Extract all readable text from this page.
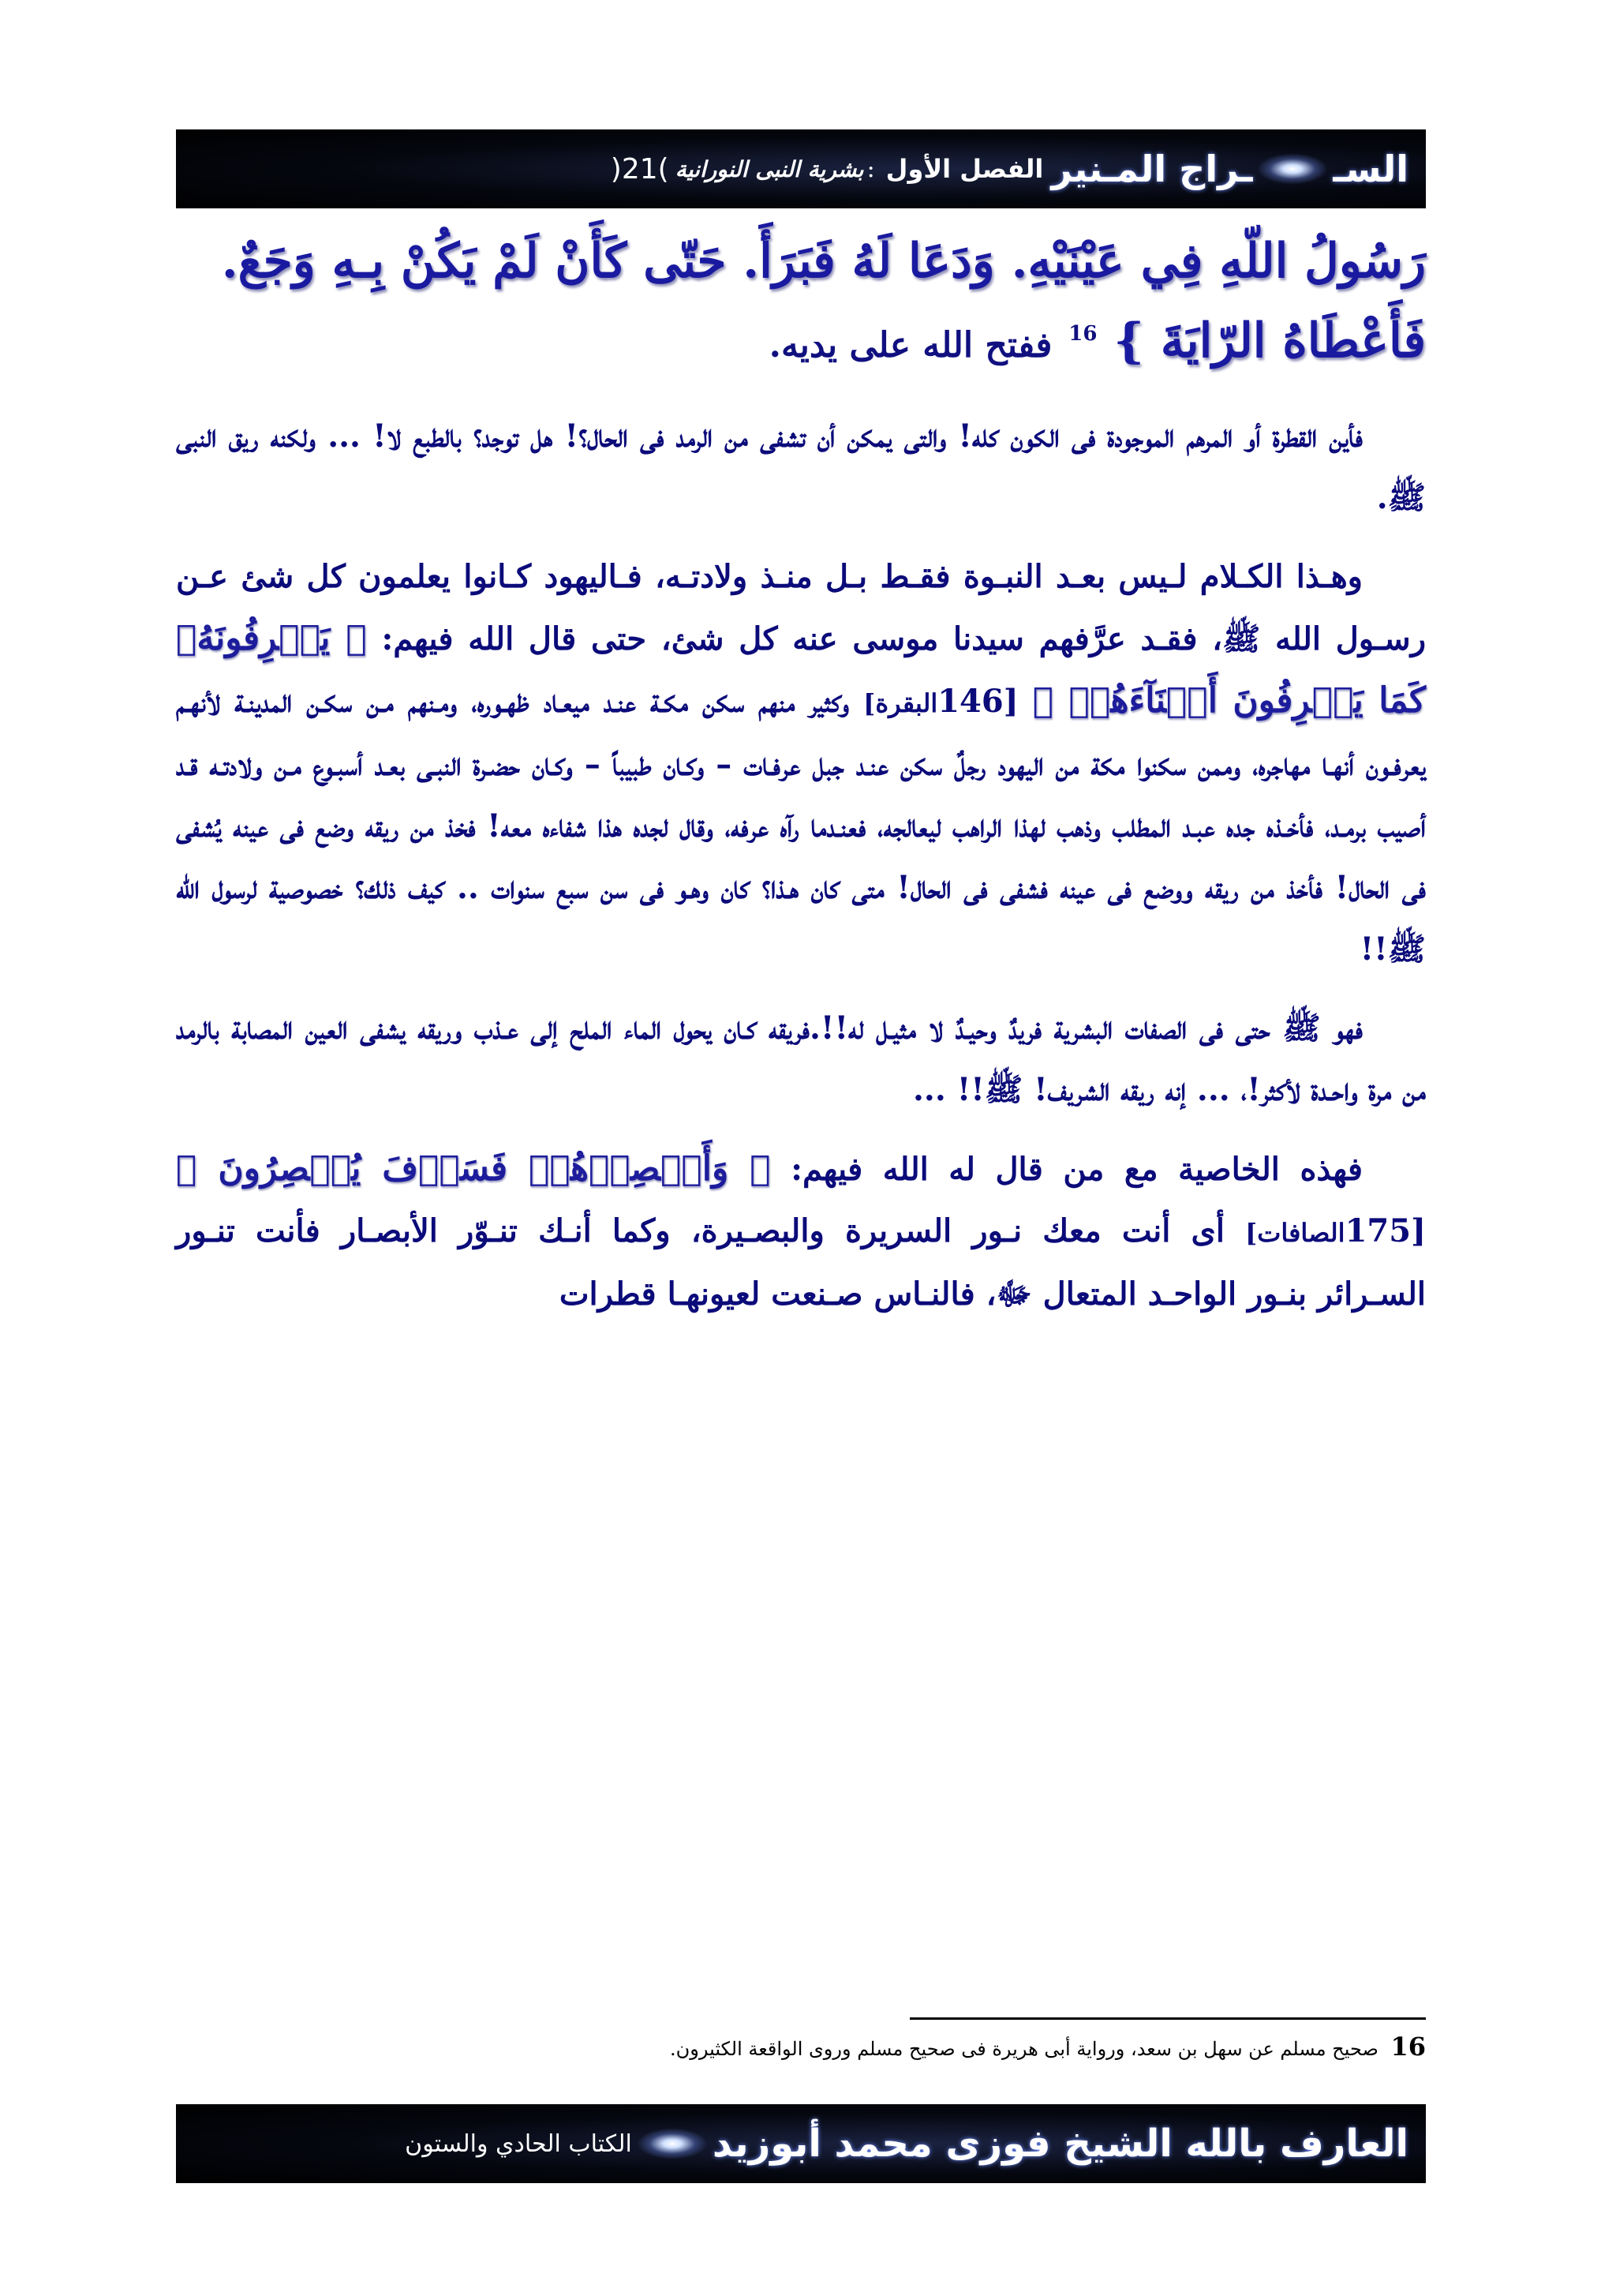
السـ
ـراج المـنير
الفصل الأول
:
بشرية النبى النورانية
)21(
رَسُولُ اللّهِ فِي عَيْنَيْهِ. وَدَعَا لَهُ فَبَرَأَ. حَتّى كَأَنْ لَمْ يَكُنْ بِـهِ وَجَعٌ.
فَأَعْطَاهُ الرّايَةَ } $^{16}$ ففتح الله على يديه.

فأين القطرة أو المرهم الموجودة فى الكون كله! والتى يمكن أن تشفى من الرمد فى الحال؟! هل توجد؟ بالطبع لا! ... ولكنه ريق النبى ﷺ.

وهـذا الكـلام لـيس بعـد النبـوة فقـط بـل منـذ ولادتـه، فـاليهود كـانوا يعلمون كل شئ عـن رسـول الله ﷺ، فقـد عرَّفهم سيدنا موسى عنه كل شئ، حتى قال الله فيهم: ﴿ يَعۡرِفُونَهُۥ كَمَا يَعۡرِفُونَ أَبۡنَآءَهُمۡ ﴾ [146البقرة] وكثير منهم سكن مكـة عنـد ميعـاد ظهـوره، ومـنهم مـن سكـن المدينـة لأنهـم يعرفـون أنهـا مهاجره، وممن سكنوا مكة من اليهود رجلٌ سكن عنـد جبل عرفـات – وكـان طبيباً – وكـان حضـرة النبـى بعـد أسبـوع مـن ولادتـه قـد أصيب برمـد، فأخـذه جده عبـد المطلب وذهب لهذا الراهب ليعالجه، فعنـدما رآه عرفه، وقال لجده هذا شفاءه معه! فخذ من ريقه وضع فى عينه يُشفى فى الحال! فأخذ من ريقه ووضع فى عينه فشفى فى الحال! متى كان هـذا؟ كان وهـو فى سن سبع سنوات .. كيف ذلك؟ خصوصية لرسول الله ﷺ!!

فهو ﷺ حتى فى الصفات البشرية فريدٌ وحيـدٌ لا مثيـل له!!.فريقه كـان يحول الماء الملح إلى عـذب وريقه يشفى العين المصابة بالرمد من مرة واحـدة لأكثر!، ... إنه ريقه الشريف! ﷺ!! ...

فهذه الخاصية مع من قال له الله فيهم: ﴿ وَأَبۡصِرۡهُمۡ فَسَوۡفَ يُبۡصِرُونَ ﴾ [175الصافات] أى أنت معك نـور السريرة والبصـيرة، وكما أنـك تنـوّر الأبصـار فأنت تنـور السـرائر بنـور الواحـد المتعال ﷻ، فالنـاس صـنعت لعيونهـا قطرات

16 صحيح مسلم عن سهل بن سعد، ورواية أبى هريرة فى صحيح مسلم وروى الواقعة الكثيرون.
العارف بالله الشيخ فوزى محمد أبوزيد
الكتاب الحادي والستون
